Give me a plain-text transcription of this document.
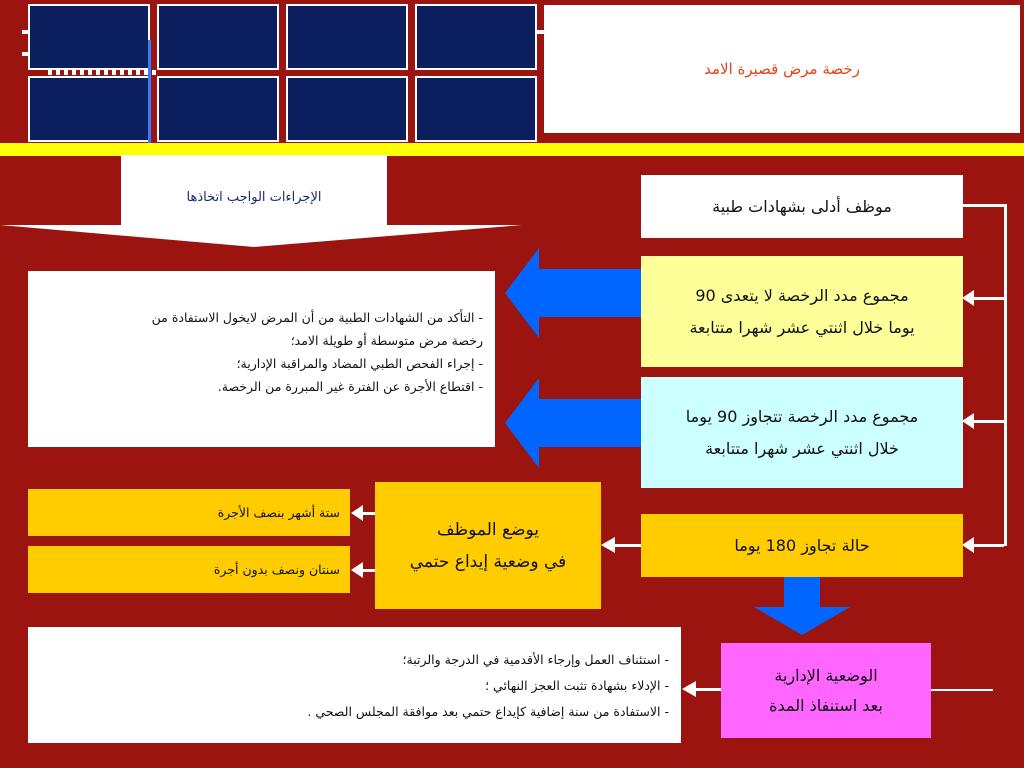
رخصة مرض قصيرة الامد
الإجراءات الواجب اتخاذها	موظف أدلى بشهادات طبية
مجموع مدد الرخصة لا يتعدى 90
يوما خلال اثنتي عشر شهرا متتابعة
مجموع مدد الرخصة تتجاوز 90 يوما
خلال اثنتي عشر شهرا متتابعة
- التأكد من الشهادات الطبية من أن المرض لايخول الاستفادة من
رخصة مرض متوسطة أو طويلة الامد؛
- إجراء الفحص الطبي المضاد والمراقبة الإدارية؛
- اقتطاع الأجرة عن الفترة غير المبررة من الرخصة.
حالة تجاوز 180 يوما
يوضع الموظف
في وضعية إيداع حتمي
ستة أشهر بنصف الأجرة
سنتان ونصف بدون أجرة
الوضعية الإدارية
بعد استنفاذ المدة
- استئناف العمل وإرجاء الأقدمية في الدرجة والرتبة؛
- الإدلاء بشهادة تثبت العجز النهائي ؛
- الاستفادة من سنة إضافية كإيداع حتمي بعد موافقة المجلس الصحي .
